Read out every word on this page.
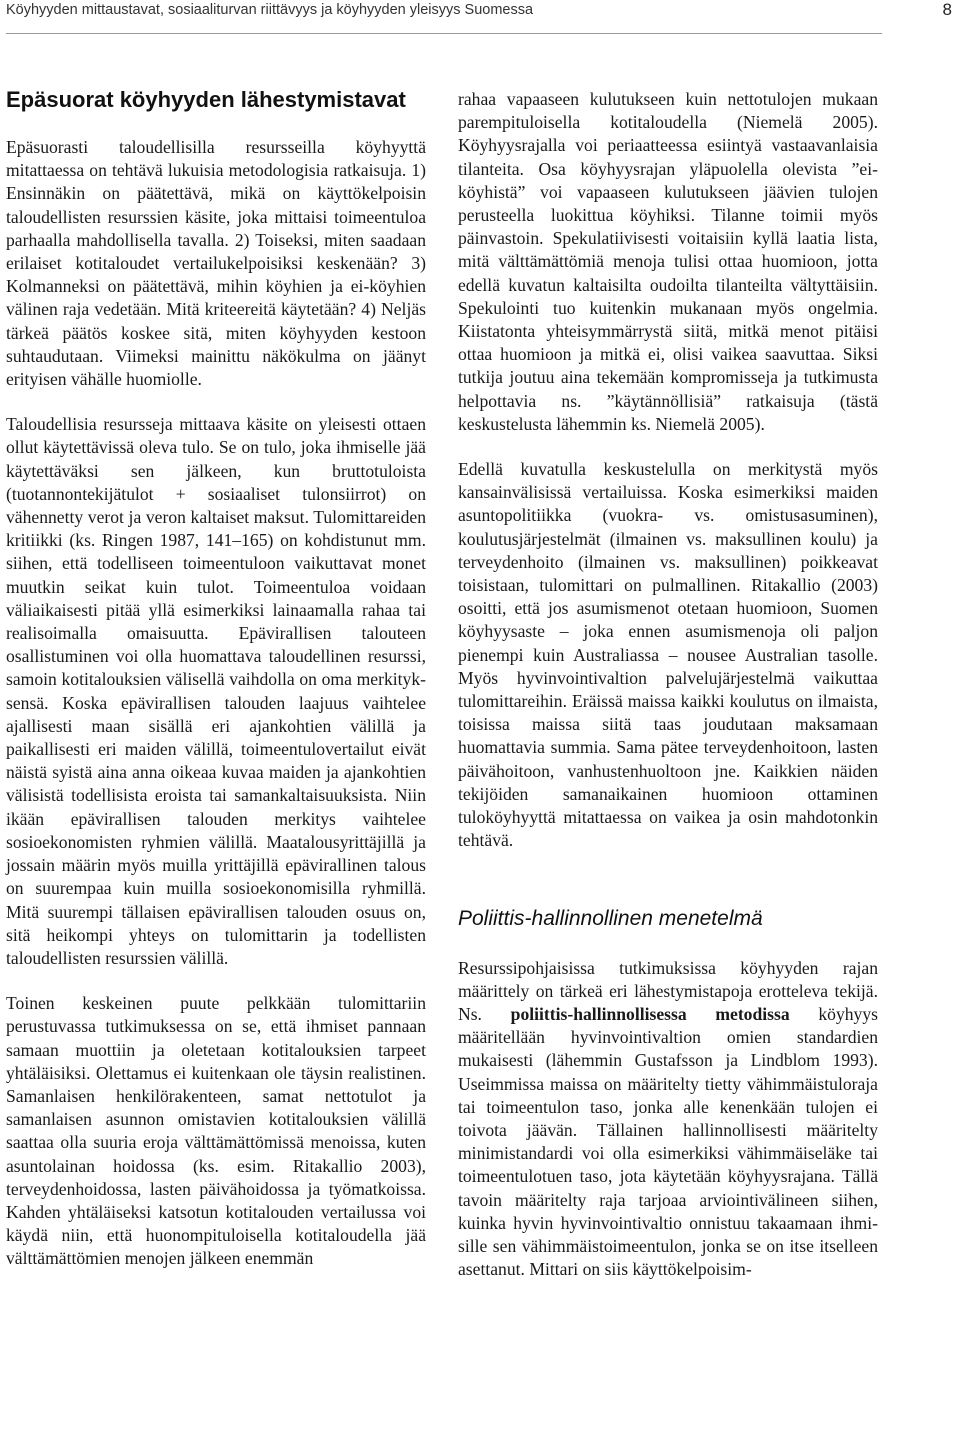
Köyhyyden mittaustavat, sosiaaliturvan riittävyys ja köyhyyden yleisyys Suomessa	8
Epäsuorat köyhyyden lähestymistavat

Epäsuorasti taloudellisilla resursseilla köyhyyttä mitattaessa on tehtävä lukuisia metodologisia ratkaisuja. 1) Ensinnäkin on päätettävä, mikä on käyttökelpoisin taloudellisten resurssien käsite, joka mittaisi toimeentuloa parhaalla mahdollisella tavalla. 2) Toiseksi, miten saadaan erilaiset kotitaloudet vertailukelpoisiksi keskenään? 3) Kolmanneksi on päätettävä, mihin köyhien ja ei-köyhien välinen raja vedetään. Mitä kriteereitä käytetään? 4) Neljäs tärkeä päätös koskee sitä, miten köyhyyden kestoon suhtaudutaan. Viimeksi mainittu näkökulma on jäänyt erityisen vähälle huomiolle.

Taloudellisia resursseja mittaava käsite on yleisesti ottaen ollut käytettävissä oleva tulo. Se on tulo, joka ihmiselle jää käytettäväksi sen jälkeen, kun bruttotuloista (tuotannontekijätulot + sosiaaliset tulonsiirrot) on vähennetty verot ja veron kaltaiset maksut. Tulomittareiden kritiikki (ks. Ringen 1987, 141–165) on kohdistunut mm. siihen, että todelliseen toimeentuloon vaikuttavat monet muutkin seikat kuin tulot. Toimeentuloa voidaan väliaikaisesti pitää yllä esimerkiksi lainaamalla rahaa tai realisoimalla omaisuutta. Epävirallisen talouteen osallistuminen voi olla huomattava taloudellinen resurssi, samoin kotitalouksien välisellä vaihdolla on oma merkityksensä. Koska epävirallisen talouden laajuus vaihtelee ajallisesti maan sisällä eri ajankohtien välillä ja paikallisesti eri maiden välillä, toimeentulovertailut eivät näistä syistä aina anna oikeaa kuvaa maiden ja ajankohtien välisistä todellisista eroista tai samankaltaisuuksista. Niin ikään epävirallisen talouden merkitys vaihtelee sosioekonomisten ryhmien välillä. Maatalousyrittäjillä ja jossain määrin myös muilla yrittäjillä epävirallinen talous on suurempaa kuin muilla sosioekonomisilla ryhmillä. Mitä suurempi tällaisen epävirallisen talouden osuus on, sitä heikompi yhteys on tulomittarin ja todellisten taloudellisten resurssien välillä.

Toinen keskeinen puute pelkkään tulomittariin perustuvassa tutkimuksessa on se, että ihmiset pannaan samaan muottiin ja oletetaan kotitalouksien tarpeet yhtäläisiksi. Olettamus ei kuitenkaan ole täysin realistinen. Samanlaisen henkilörakenteen, samat nettotulot ja samanlaisen asunnon omistavien kotitalouksien välillä saattaa olla suuria eroja välttämättömissä menoissa, kuten asuntolainan hoidossa (ks. esim. Ritakallio 2003), terveydenhoidossa, lasten päivähoidossa ja työmatkoissa. Kahden yhtäläiseksi katsotun kotitalouden vertailussa voi käydä niin, että huonompituloisella kotitaloudella jää välttämättömien menojen jälkeen enemmän

rahaa vapaaseen kulutukseen kuin nettotulojen mukaan parempituloisella kotitaloudella (Niemelä 2005). Köyhyysrajalla voi periaatteessa esiintyä vastaavanlaisia tilanteita. Osa köyhyysrajan yläpuolella olevista ”ei-köyhistä” voi vapaaseen kulutukseen jäävien tulojen perusteella luokittua köyhiksi. Tilanne toimii myös päinvastoin. Spekulatiivisesti voitaisiin kyllä laatia lista, mitä välttämättömiä menoja tulisi ottaa huomioon, jotta edellä kuvatun kaltaisilta oudoilta tilanteilta vältyttäisiin. Spekulointi tuo kuitenkin mukanaan myös ongelmia. Kiistatonta yhteisymmärrystä siitä, mitkä menot pitäisi ottaa huomioon ja mitkä ei, olisi vaikea saavuttaa. Siksi tutkija joutuu aina tekemään kompromisseja ja tutkimusta helpottavia ns. ”käytännöllisiä” ratkaisuja (tästä keskustelusta lähemmin ks. Niemelä 2005).

Edellä kuvatulla keskustelulla on merkitystä myös kansainvälisissä vertailuissa. Koska esimerkiksi maiden asuntopolitiikka (vuokra- vs. omistusasuminen), koulutusjärjestelmät (ilmainen vs. maksullinen koulu) ja terveydenhoito (ilmainen vs. maksullinen) poikkeavat toisistaan, tulomittari on pulmallinen. Ritakallio (2003) osoitti, että jos asumismenot otetaan huomioon, Suomen köyhyysaste – joka ennen asumismenoja oli paljon pienempi kuin Australiassa – nousee Australian tasolle. Myös hyvinvointivaltion palvelujärjestelmä vaikuttaa tulomittareihin. Eräissä maissa kaikki koulutus on ilmaista, toisissa maissa siitä taas joudutaan maksamaan huomattavia summia. Sama pätee terveydenhoitoon, lasten päivähoitoon, vanhustenhuoltoon jne. Kaikkien näiden tekijöiden samanaikainen huomioon ottaminen tuloköyhyyttä mitattaessa on vaikea ja osin mahdotonkin tehtävä.

Poliittis-hallinnollinen menetelmä

Resurssipohjaisissa tutkimuksissa köyhyyden rajan määrittely on tärkeä eri lähestymistapoja erotteleva tekijä. Ns. poliittis-hallinnollisessa metodissa köyhyys määritellään hyvinvointivaltion omien standardien mukaisesti (lähemmin Gustafsson ja Lindblom 1993). Useimmissa maissa on määritelty tietty vähimmäistuloraja tai toimeentulon taso, jonka alle kenenkään tulojen ei toivota jäävän. Tällainen hallinnollisesti määritelty minimistandardi voi olla esimerkiksi vähimmäiseläke tai toimeentulotuen taso, jota käytetään köyhyysrajana. Tällä tavoin määritelty raja tarjoaa arviointivälineen siihen, kuinka hyvin hyvinvointivaltio onnistuu takaamaan ihmisille sen vähimmäistoimeentulon, jonka se on itse itselleen asettanut. Mittari on siis käyttökelpoisim-
